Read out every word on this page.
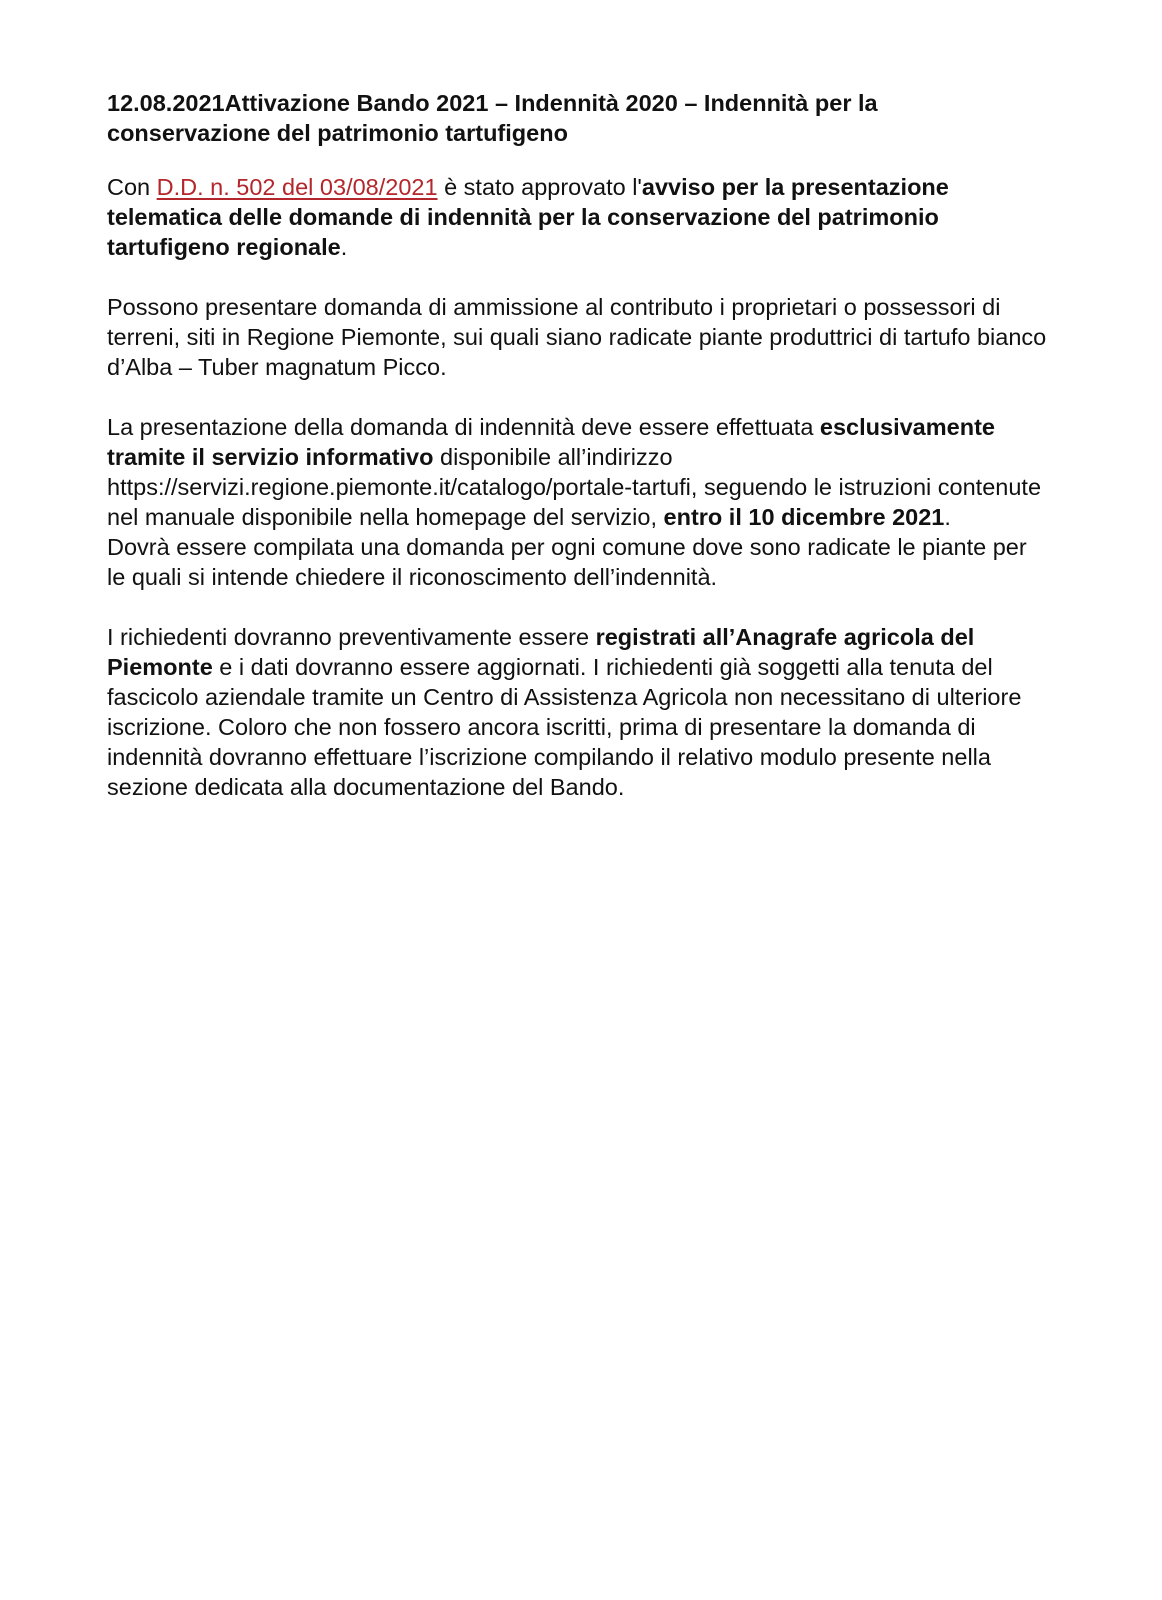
12.08.2021Attivazione Bando 2021 – Indennità 2020 – Indennità per la conservazione del patrimonio tartufigeno

Con D.D. n. 502 del 03/08/2021 è stato approvato l'avviso per la presentazione telematica delle domande di indennità per la conservazione del patrimonio tartufigeno regionale.

Possono presentare domanda di ammissione al contributo i proprietari o possessori di terreni, siti in Regione Piemonte, sui quali siano radicate piante produttrici di tartufo bianco d’Alba – Tuber magnatum Picco.

La presentazione della domanda di indennità deve essere effettuata esclusivamente tramite il servizio informativo disponibile all’indirizzo https://servizi.regione.piemonte.it/catalogo/portale-tartufi, seguendo le istruzioni contenute nel manuale disponibile nella homepage del servizio, entro il 10 dicembre 2021.

Dovrà essere compilata una domanda per ogni comune dove sono radicate le piante per le quali si intende chiedere il riconoscimento dell’indennità.

I richiedenti dovranno preventivamente essere registrati all’Anagrafe agricola del Piemonte e i dati dovranno essere aggiornati. I richiedenti già soggetti alla tenuta del fascicolo aziendale tramite un Centro di Assistenza Agricola non necessitano di ulteriore iscrizione. Coloro che non fossero ancora iscritti, prima di presentare la domanda di indennità dovranno effettuare l’iscrizione compilando il relativo modulo presente nella sezione dedicata alla documentazione del Bando.
